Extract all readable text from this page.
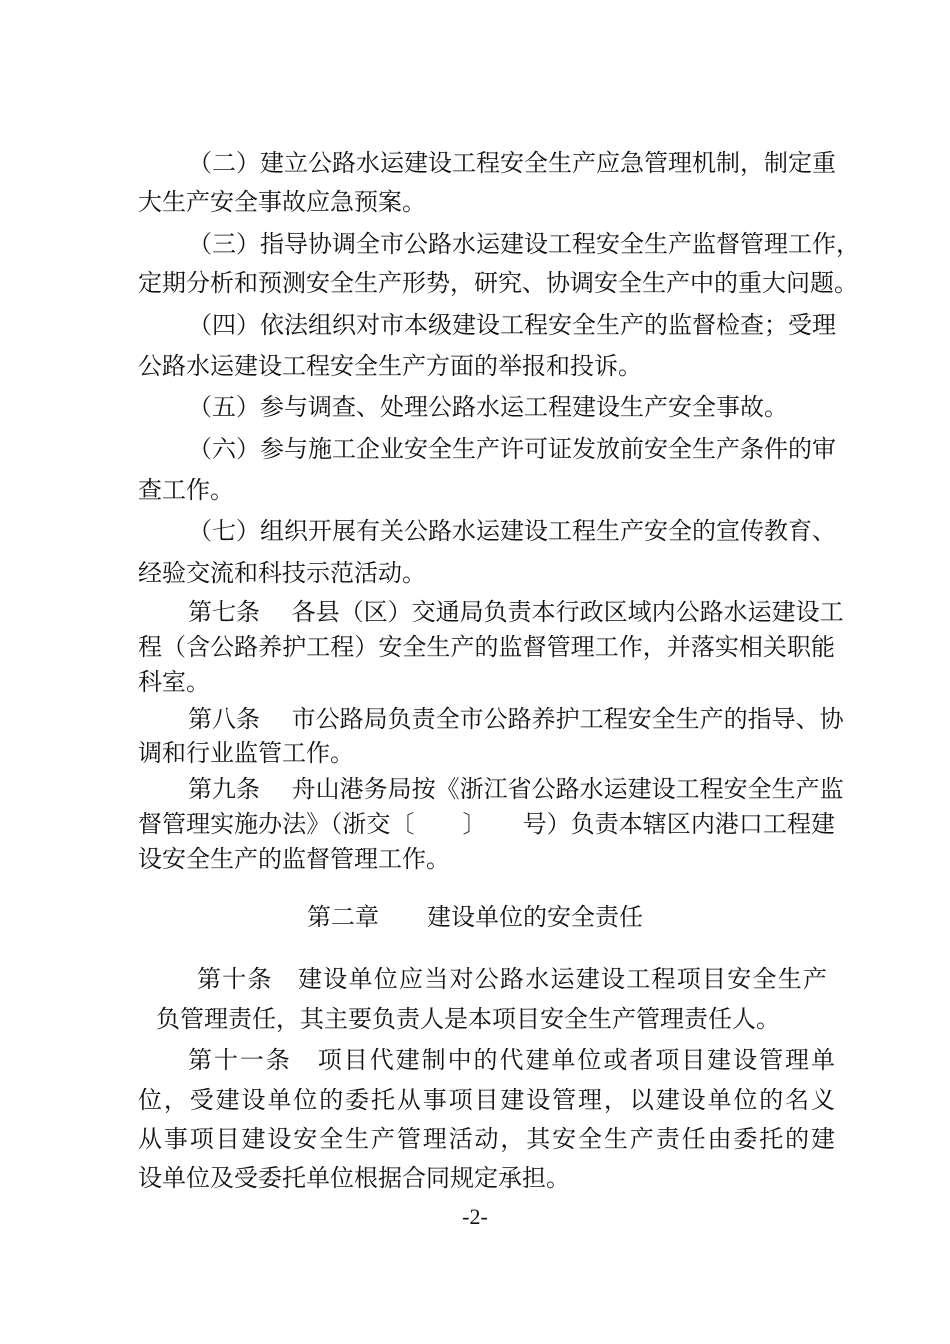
（二）建立公路水运建设工程安全生产应急管理机制，制定重
大生产安全事故应急预案。
（三）指导协调全市公路水运建设工程安全生产监督管理工作，
定期分析和预测安全生产形势，研究、协调安全生产中的重大问题。
（四）依法组织对市本级建设工程安全生产的监督检查；受理
公路水运建设工程安全生产方面的举报和投诉。
（五）参与调查、处理公路水运工程建设生产安全事故。
（六）参与施工企业安全生产许可证发放前安全生产条件的审
查工作。
（七）组织开展有关公路水运建设工程生产安全的宣传教育、
经验交流和科技示范活动。
第七条　 各县（区）交通局负责本行政区域内公路水运建设工
程（含公路养护工程）安全生产的监督管理工作，并落实相关职能
科室。
第八条　 市公路局负责全市公路养护工程安全生产的指导、协
调和行业监管工作。
第九条　 舟山港务局按《浙江省公路水运建设工程安全生产监
督管理实施办法》（浙交〔　　〕　　号）负责本辖区内港口工程建
设安全生产的监督管理工作。
第二章　　建设单位的安全责任
第十条　建设单位应当对公路水运建设工程项目安全生产
负管理责任，其主要负责人是本项目安全生产管理责任人。
第十一条　项目代建制中的代建单位或者项目建设管理单
位，受建设单位的委托从事项目建设管理，以建设单位的名义
从事项目建设安全生产管理活动，其安全生产责任由委托的建
设单位及受委托单位根据合同规定承担。
-2-
